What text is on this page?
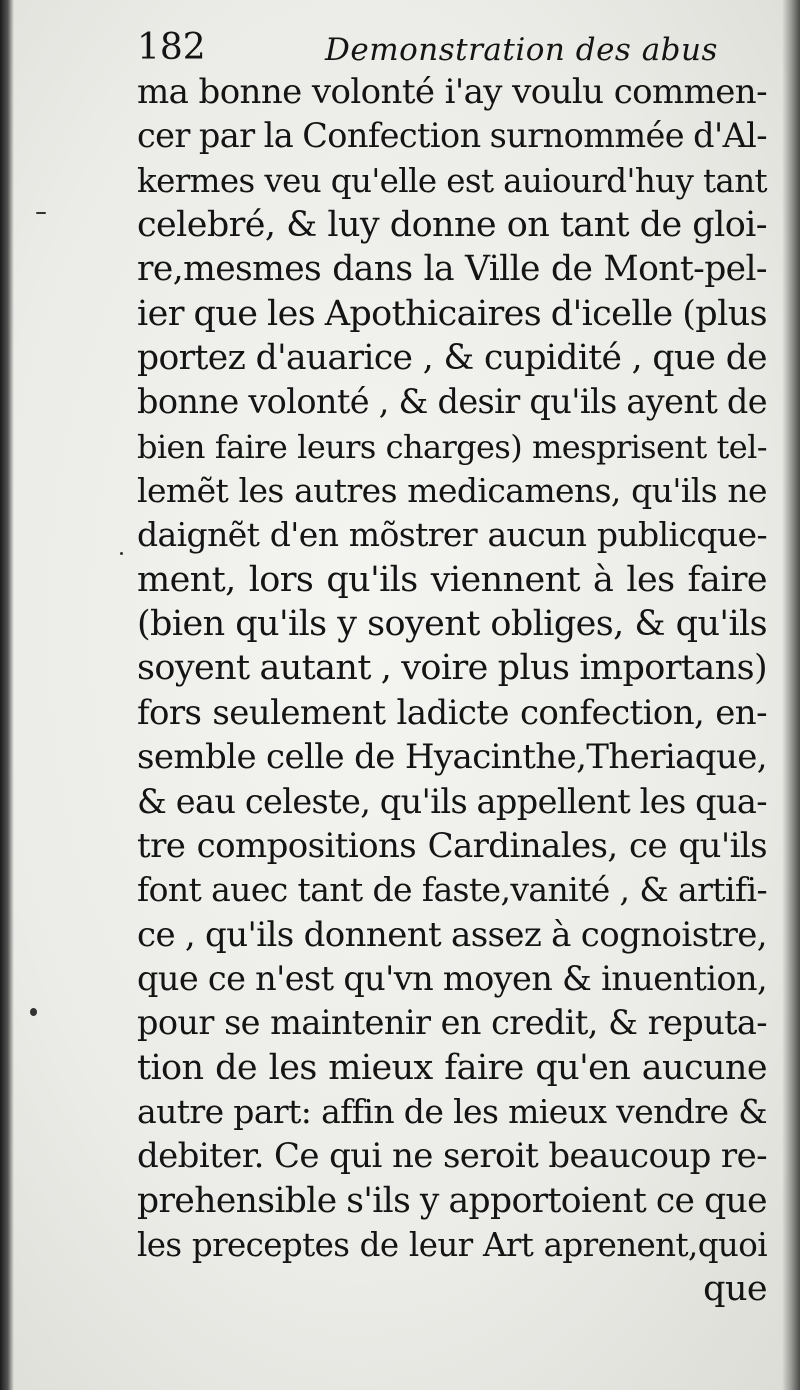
182	Demonstration des abus
ma bonne volonté i'ay voulu commen-
cer par la Confection surnommée d'Al-
kermes veu qu'elle est auiourd'huy tant
celebré, & luy donne on tant de gloi-
re,mesmes dans la Ville de Mont-pel-
ier que les Apothicaires d'icelle (plus
portez d'auarice , & cupidité , que de
bonne volonté , & desir qu'ils ayent de
bien faire leurs charges) mesprisent tel-
lemẽt les autres medicamens, qu'ils ne
daignẽt d'en mõstrer aucun publicque-
ment, lors qu'ils viennent à les faire
(bien qu'ils y soyent obliges, & qu'ils
soyent autant , voire plus importans)
fors seulement ladicte confection, en-
semble celle de Hyacinthe,Theriaque,
& eau celeste, qu'ils appellent les qua-
tre compositions Cardinales, ce qu'ils
font auec tant de faste,vanité , & artifi-
ce , qu'ils donnent assez à cognoistre,
que ce n'est qu'vn moyen & inuention,
pour se maintenir en credit, & reputa-
tion de les mieux faire qu'en aucune
autre part: affin de les mieux vendre &
debiter. Ce qui ne seroit beaucoup re-
prehensible s'ils y apportoient ce que
les preceptes de leur Art aprenent,quoi
que
